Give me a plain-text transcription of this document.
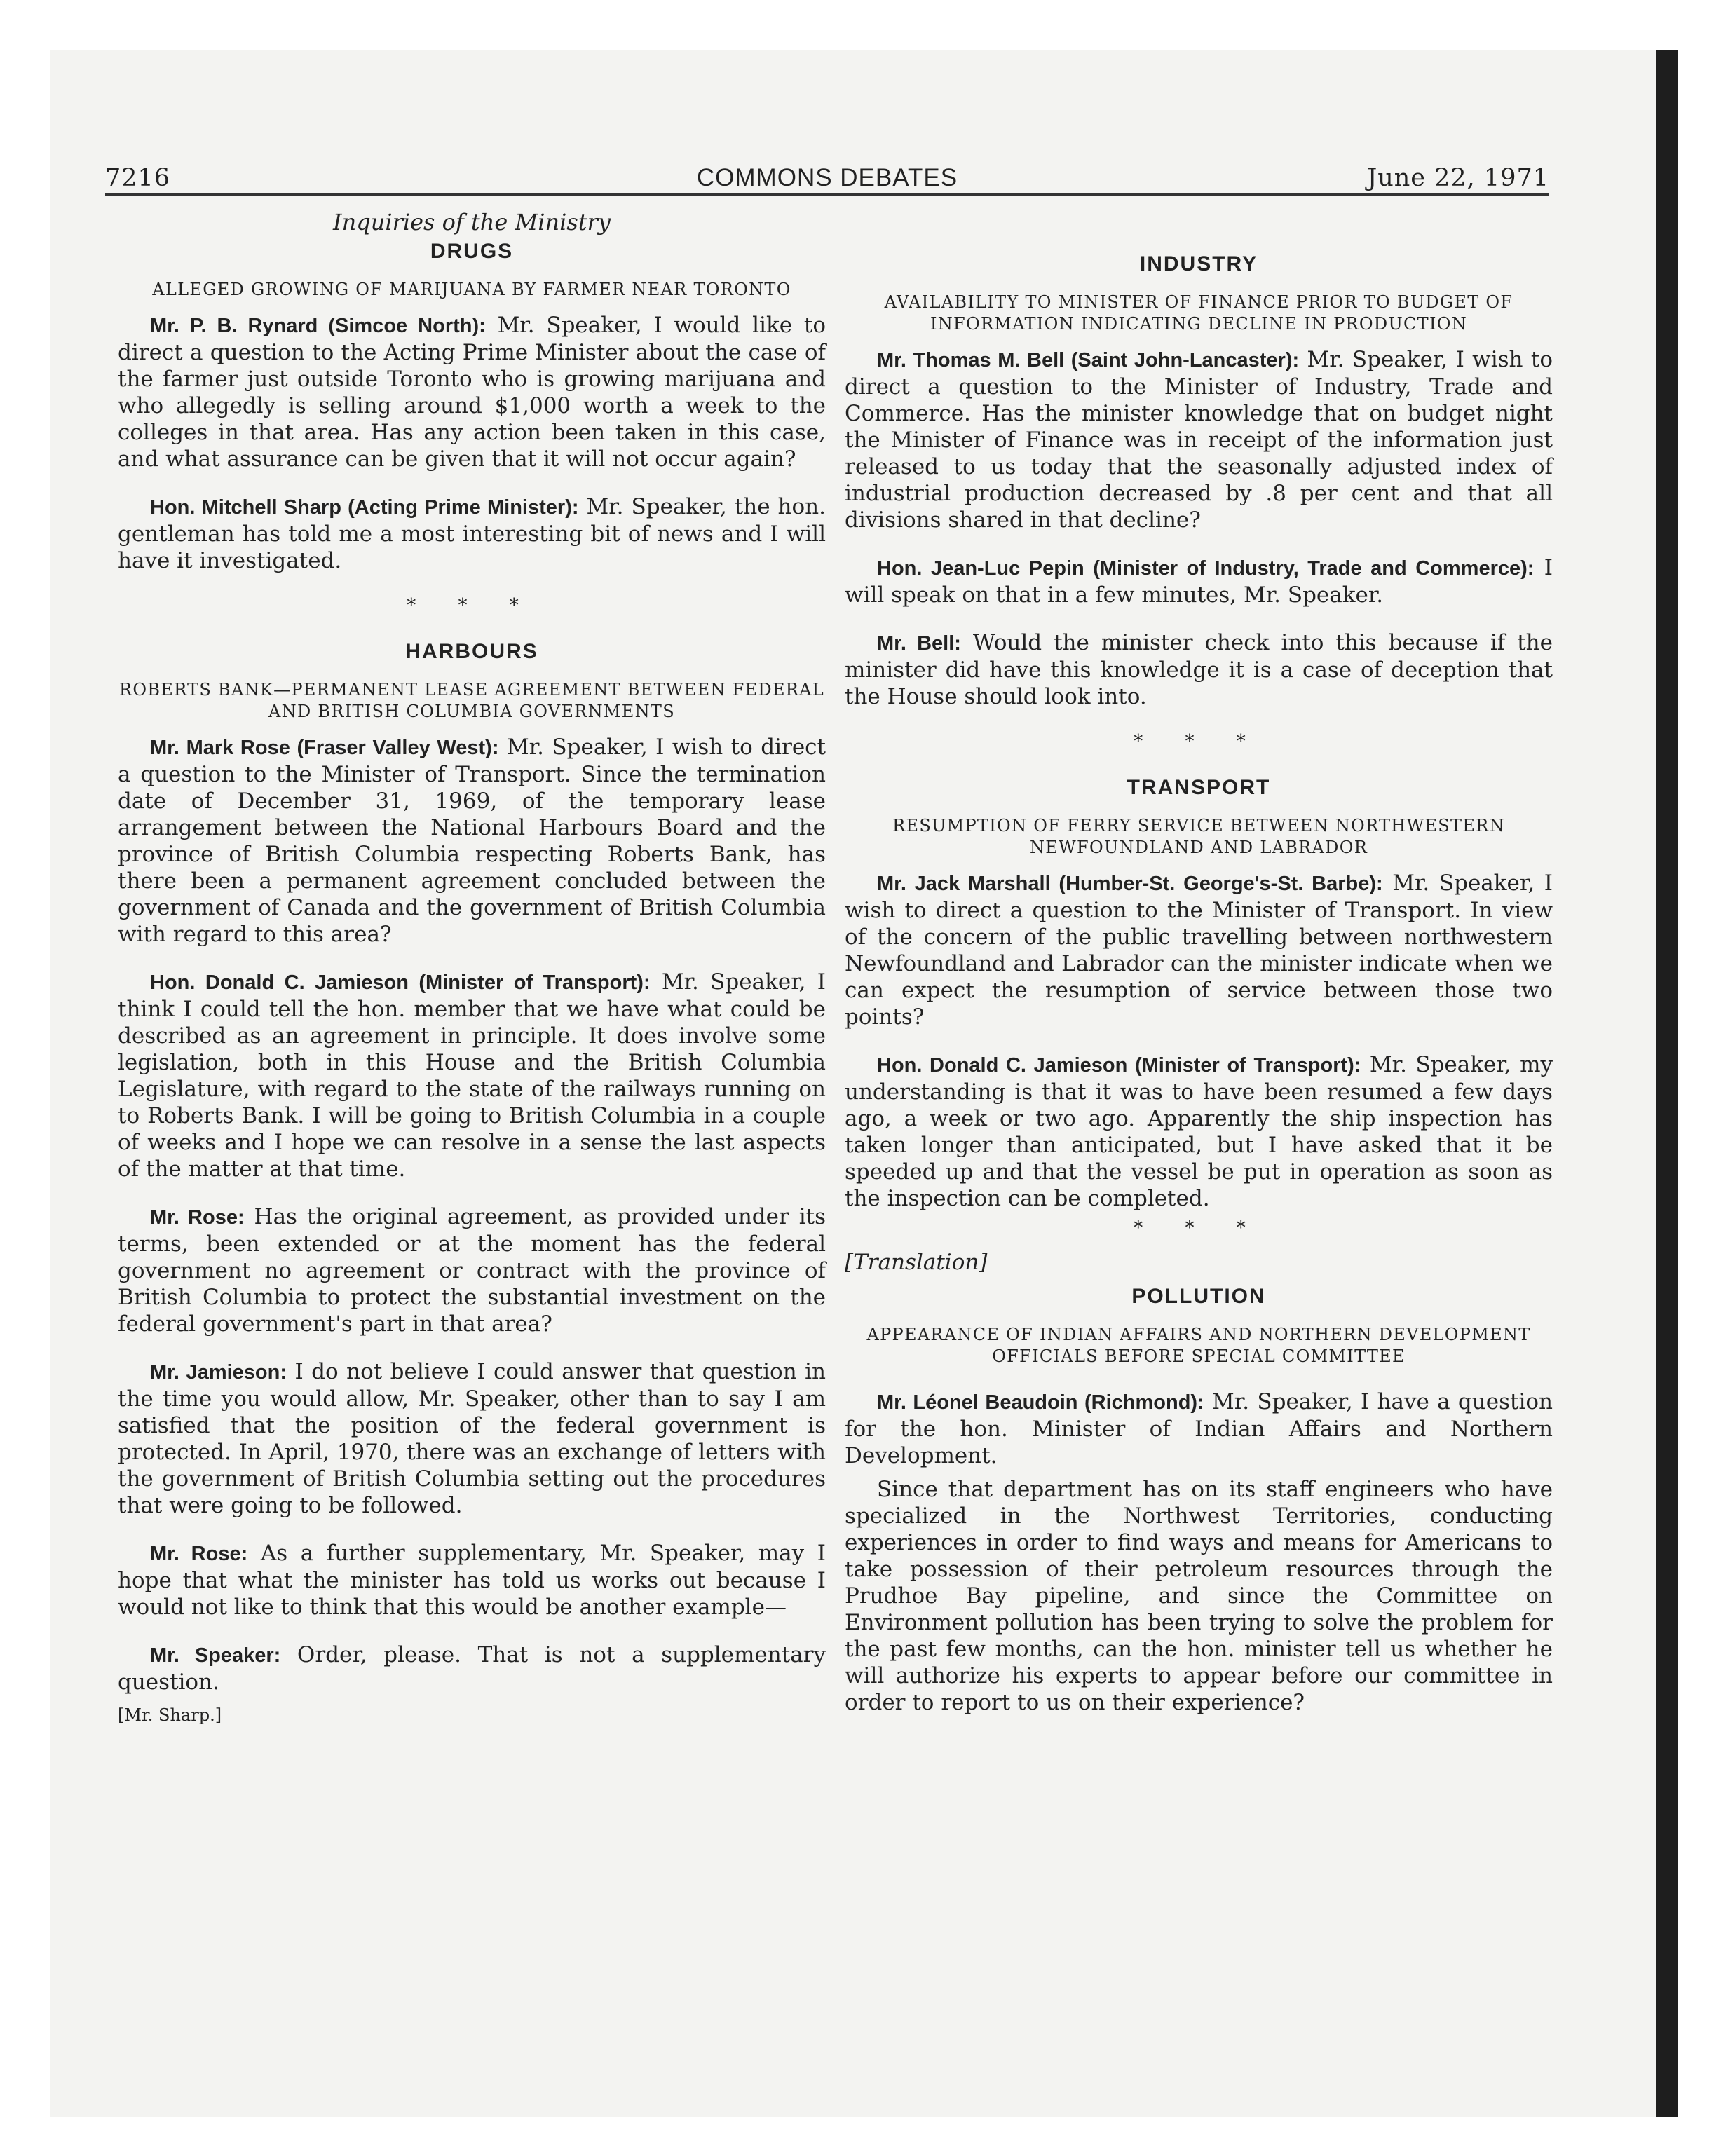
7216	COMMONS DEBATES	June 22, 1971
Inquiries of the Ministry
DRUGS
ALLEGED GROWING OF MARIJUANA BY FARMER NEAR TORONTO

Mr. P. B. Rynard (Simcoe North): Mr. Speaker, I would like to direct a question to the Acting Prime Minister about the case of the farmer just outside Toronto who is growing marijuana and who allegedly is selling around $1,000 worth a week to the colleges in that area. Has any action been taken in this case, and what assurance can be given that it will not occur again?

Hon. Mitchell Sharp (Acting Prime Minister): Mr. Speaker, the hon. gentleman has told me a most interesting bit of news and I will have it investigated.

* * *
HARBOURS
ROBERTS BANK—PERMANENT LEASE AGREEMENT BETWEEN FEDERAL AND BRITISH COLUMBIA GOVERNMENTS

Mr. Mark Rose (Fraser Valley West): Mr. Speaker, I wish to direct a question to the Minister of Transport. Since the termination date of December 31, 1969, of the temporary lease arrangement between the National Harbours Board and the province of British Columbia respecting Roberts Bank, has there been a permanent agreement concluded between the government of Canada and the government of British Columbia with regard to this area?

Hon. Donald C. Jamieson (Minister of Transport): Mr. Speaker, I think I could tell the hon. member that we have what could be described as an agreement in principle. It does involve some legislation, both in this House and the British Columbia Legislature, with regard to the state of the railways running on to Roberts Bank. I will be going to British Columbia in a couple of weeks and I hope we can resolve in a sense the last aspects of the matter at that time.

Mr. Rose: Has the original agreement, as provided under its terms, been extended or at the moment has the federal government no agreement or contract with the province of British Columbia to protect the substantial investment on the federal government's part in that area?

Mr. Jamieson: I do not believe I could answer that question in the time you would allow, Mr. Speaker, other than to say I am satisfied that the position of the federal government is protected. In April, 1970, there was an exchange of letters with the government of British Columbia setting out the procedures that were going to be followed.

Mr. Rose: As a further supplementary, Mr. Speaker, may I hope that what the minister has told us works out because I would not like to think that this would be another example—

Mr. Speaker: Order, please. That is not a supplementary question.

[Mr. Sharp.]
INDUSTRY
AVAILABILITY TO MINISTER OF FINANCE PRIOR TO BUDGET OF INFORMATION INDICATING DECLINE IN PRODUCTION

Mr. Thomas M. Bell (Saint John-Lancaster): Mr. Speaker, I wish to direct a question to the Minister of Industry, Trade and Commerce. Has the minister knowledge that on budget night the Minister of Finance was in receipt of the information just released to us today that the seasonally adjusted index of industrial production decreased by .8 per cent and that all divisions shared in that decline?

Hon. Jean-Luc Pepin (Minister of Industry, Trade and Commerce): I will speak on that in a few minutes, Mr. Speaker.

Mr. Bell: Would the minister check into this because if the minister did have this knowledge it is a case of deception that the House should look into.

* * *
TRANSPORT
RESUMPTION OF FERRY SERVICE BETWEEN NORTHWESTERN NEWFOUNDLAND AND LABRADOR

Mr. Jack Marshall (Humber-St. George's-St. Barbe): Mr. Speaker, I wish to direct a question to the Minister of Transport. In view of the concern of the public travelling between northwestern Newfoundland and Labrador can the minister indicate when we can expect the resumption of service between those two points?

Hon. Donald C. Jamieson (Minister of Transport): Mr. Speaker, my understanding is that it was to have been resumed a few days ago, a week or two ago. Apparently the ship inspection has taken longer than anticipated, but I have asked that it be speeded up and that the vessel be put in operation as soon as the inspection can be completed.

* * *
[Translation]
POLLUTION
APPEARANCE OF INDIAN AFFAIRS AND NORTHERN DEVELOPMENT OFFICIALS BEFORE SPECIAL COMMITTEE

Mr. Léonel Beaudoin (Richmond): Mr. Speaker, I have a question for the hon. Minister of Indian Affairs and Northern Development.

Since that department has on its staff engineers who have specialized in the Northwest Territories, conducting experiences in order to find ways and means for Americans to take possession of their petroleum resources through the Prudhoe Bay pipeline, and since the Committee on Environment pollution has been trying to solve the problem for the past few months, can the hon. minister tell us whether he will authorize his experts to appear before our committee in order to report to us on their experience?
